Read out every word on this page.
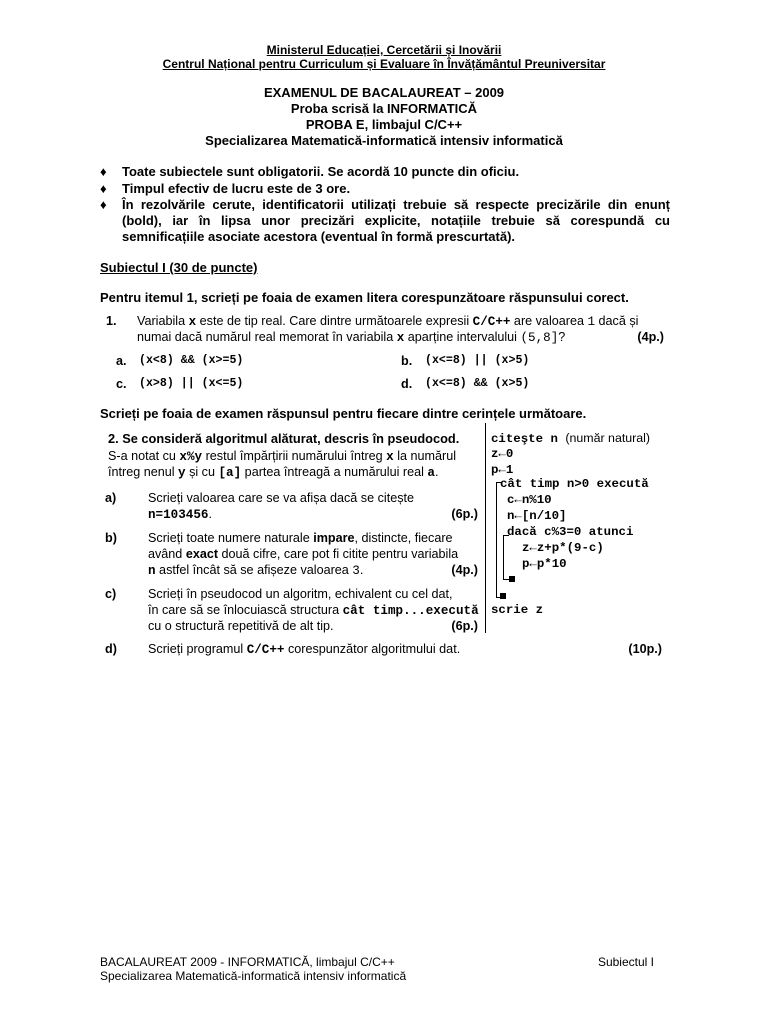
Ministerul Educației, Cercetării și Inovării
Centrul Național pentru Curriculum și Evaluare în Învățământul Preuniversitar
EXAMENUL DE BACALAUREAT – 2009
Proba scrisă la INFORMATICĂ
PROBA E, limbajul C/C++
Specializarea Matematică-informatică intensiv informatică
♦ Toate subiectele sunt obligatorii. Se acordă 10 puncte din oficiu.
♦ Timpul efectiv de lucru este de 3 ore.
♦ În rezolvările cerute, identificatorii utilizați trebuie să respecte precizările din enunț (bold), iar în lipsa unor precizări explicite, notațiile trebuie să corespundă cu semnificațiile asociate acestora (eventual în formă prescurtată).
Subiectul I (30 de puncte)
Pentru itemul 1, scrieți pe foaia de examen litera corespunzătoare răspunsului corect.
1. Variabila x este de tip real. Care dintre următoarele expresii C/C++ are valoarea 1 dacă și
numai dacă numărul real memorat în variabila x aparține intervalului (5,8]?	(4p.)
a. (x<8) && (x>=5)	b. (x<=8) || (x>5)
c. (x>8) || (x<=5)	d. (x<=8) && (x>5)
Scrieți pe foaia de examen răspunsul pentru fiecare dintre cerințele următoare.
2. Se consideră algoritmul alăturat, descris în pseudocod.
S-a notat cu x%y restul împărțirii numărului întreg x la numărul
întreg nenul y și cu [a] partea întreagă a numărului real a.
a)	Scrieți valoarea care se va afișa dacă se citește
n=103456.	(6p.)
b) Scrieți toate numere naturale impare, distincte, fiecare
având exact două cifre, care pot fi citite pentru variabila
n astfel încât să se afișeze valoarea 3.	(4p.)
c)	Scrieți în pseudocod un algoritm, echivalent cu cel dat,
în care să se înlocuiască structura cât timp...execută
cu o structură repetitivă de alt tip.	(6p.)
d) Scrieți programul C/C++ corespunzător algoritmului dat.	(10p.)
citeşte n (număr natural)
z←0
p←1
cât timp n>0 execută
c←n%10
n←[n/10]
dacă c%3=0 atunci
z←z+p*(9-c)
p←p*10
scrie z
BACALAUREAT 2009 - INFORMATICĂ, limbajul C/C++
Specializarea Matematică-informatică intensiv informatică
Subiectul I
